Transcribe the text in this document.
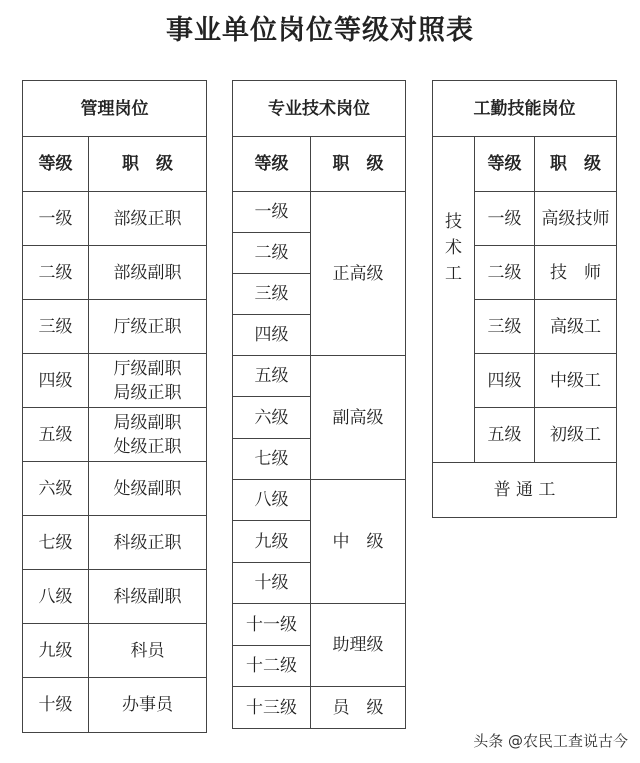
事业单位岗位等级对照表
管理岗位	
等级	职　级
一级	部级正职
二级	部级副职
三级	厅级正职
四级	厅级副职
局级正职

五级	局级副职
处级正职

六级	处级副职
七级	科级正职
八级	科级副职
九级	科员
十级	办事员
专业技术岗位	
等级	职　级
一级	正高级
二级	
三级	
四级	
五级	副高级
六级	
七级	
八级	中　级
九级	
十级	
十一级	助理级
十二级	
十三级	员　级
工勤技能岗位		
技术工	等级	职　级
	一级	高级技师
	二级	技　师
	三级	高级工
	四级	中级工
	五级	初级工
普 通 工		
头条 @农民工查说古今
